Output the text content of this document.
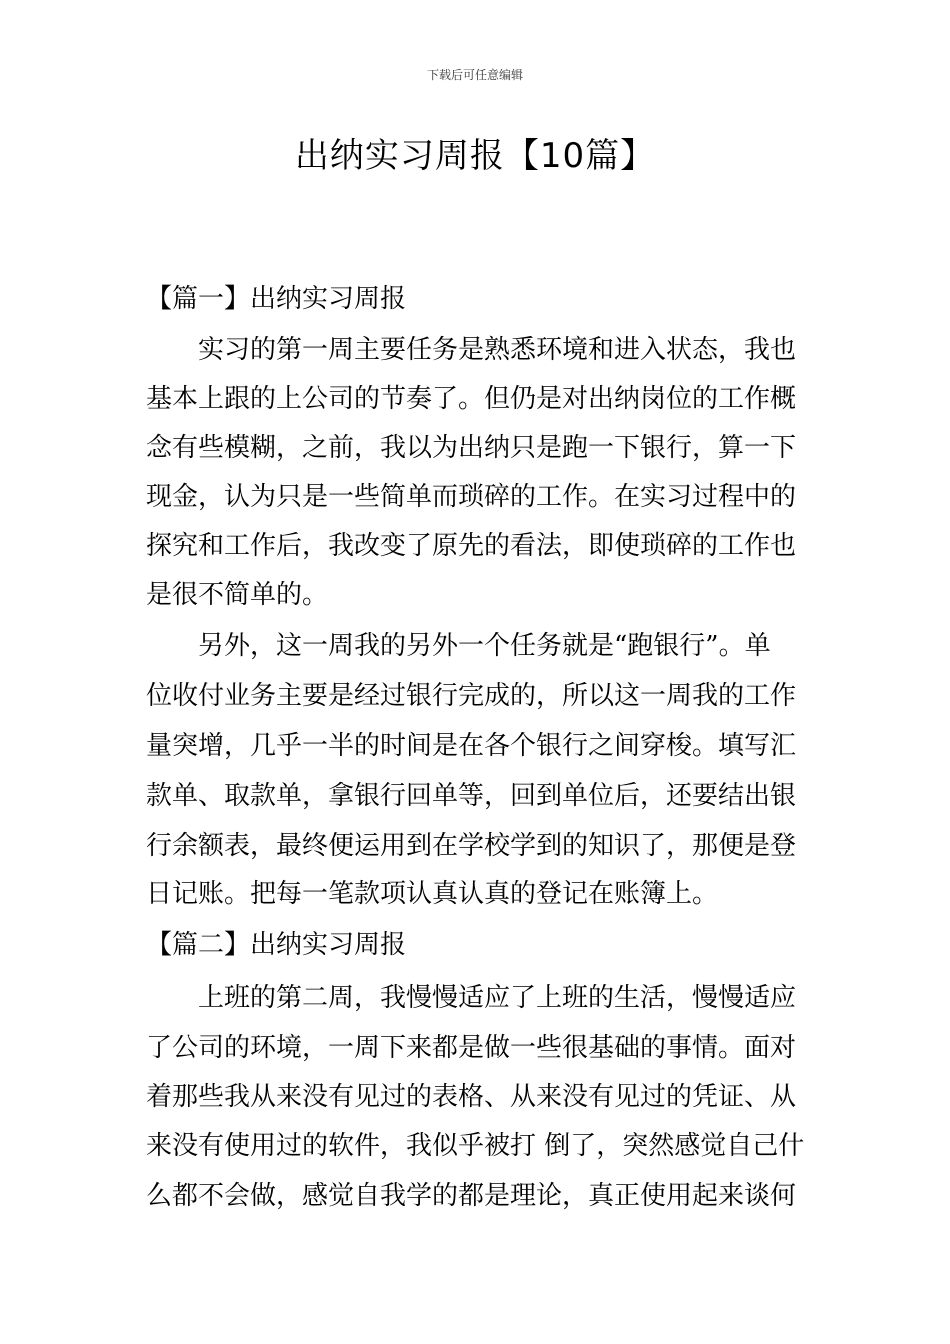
下载后可任意编辑
出纳实习周报【10篇】
【篇一】出纳实习周报
实习的第一周主要任务是熟悉环境和进入状态，我也
基本上跟的上公司的节奏了。但仍是对出纳岗位的工作概
念有些模糊，之前，我以为出纳只是跑一下银行，算一下
现金，认为只是一些简单而琐碎的工作。在实习过程中的
探究和工作后，我改变了原先的看法，即使琐碎的工作也
是很不简单的。
另外，这一周我的另外一个任务就是“跑银行”。单
位收付业务主要是经过银行完成的，所以这一周我的工作
量突增，几乎一半的时间是在各个银行之间穿梭。填写汇
款单、取款单，拿银行回单等，回到单位后，还要结出银
行余额表，最终便运用到在学校学到的知识了，那便是登
日记账。把每一笔款项认真认真的登记在账簿上。
【篇二】出纳实习周报
上班的第二周，我慢慢适应了上班的生活，慢慢适应
了公司的环境，一周下来都是做一些很基础的事情。面对
着那些我从来没有见过的表格、从来没有见过的凭证、从
来没有使用过的软件，我似乎被打 倒了，突然感觉自己什
么都不会做，感觉自我学的都是理论，真正使用起来谈何
